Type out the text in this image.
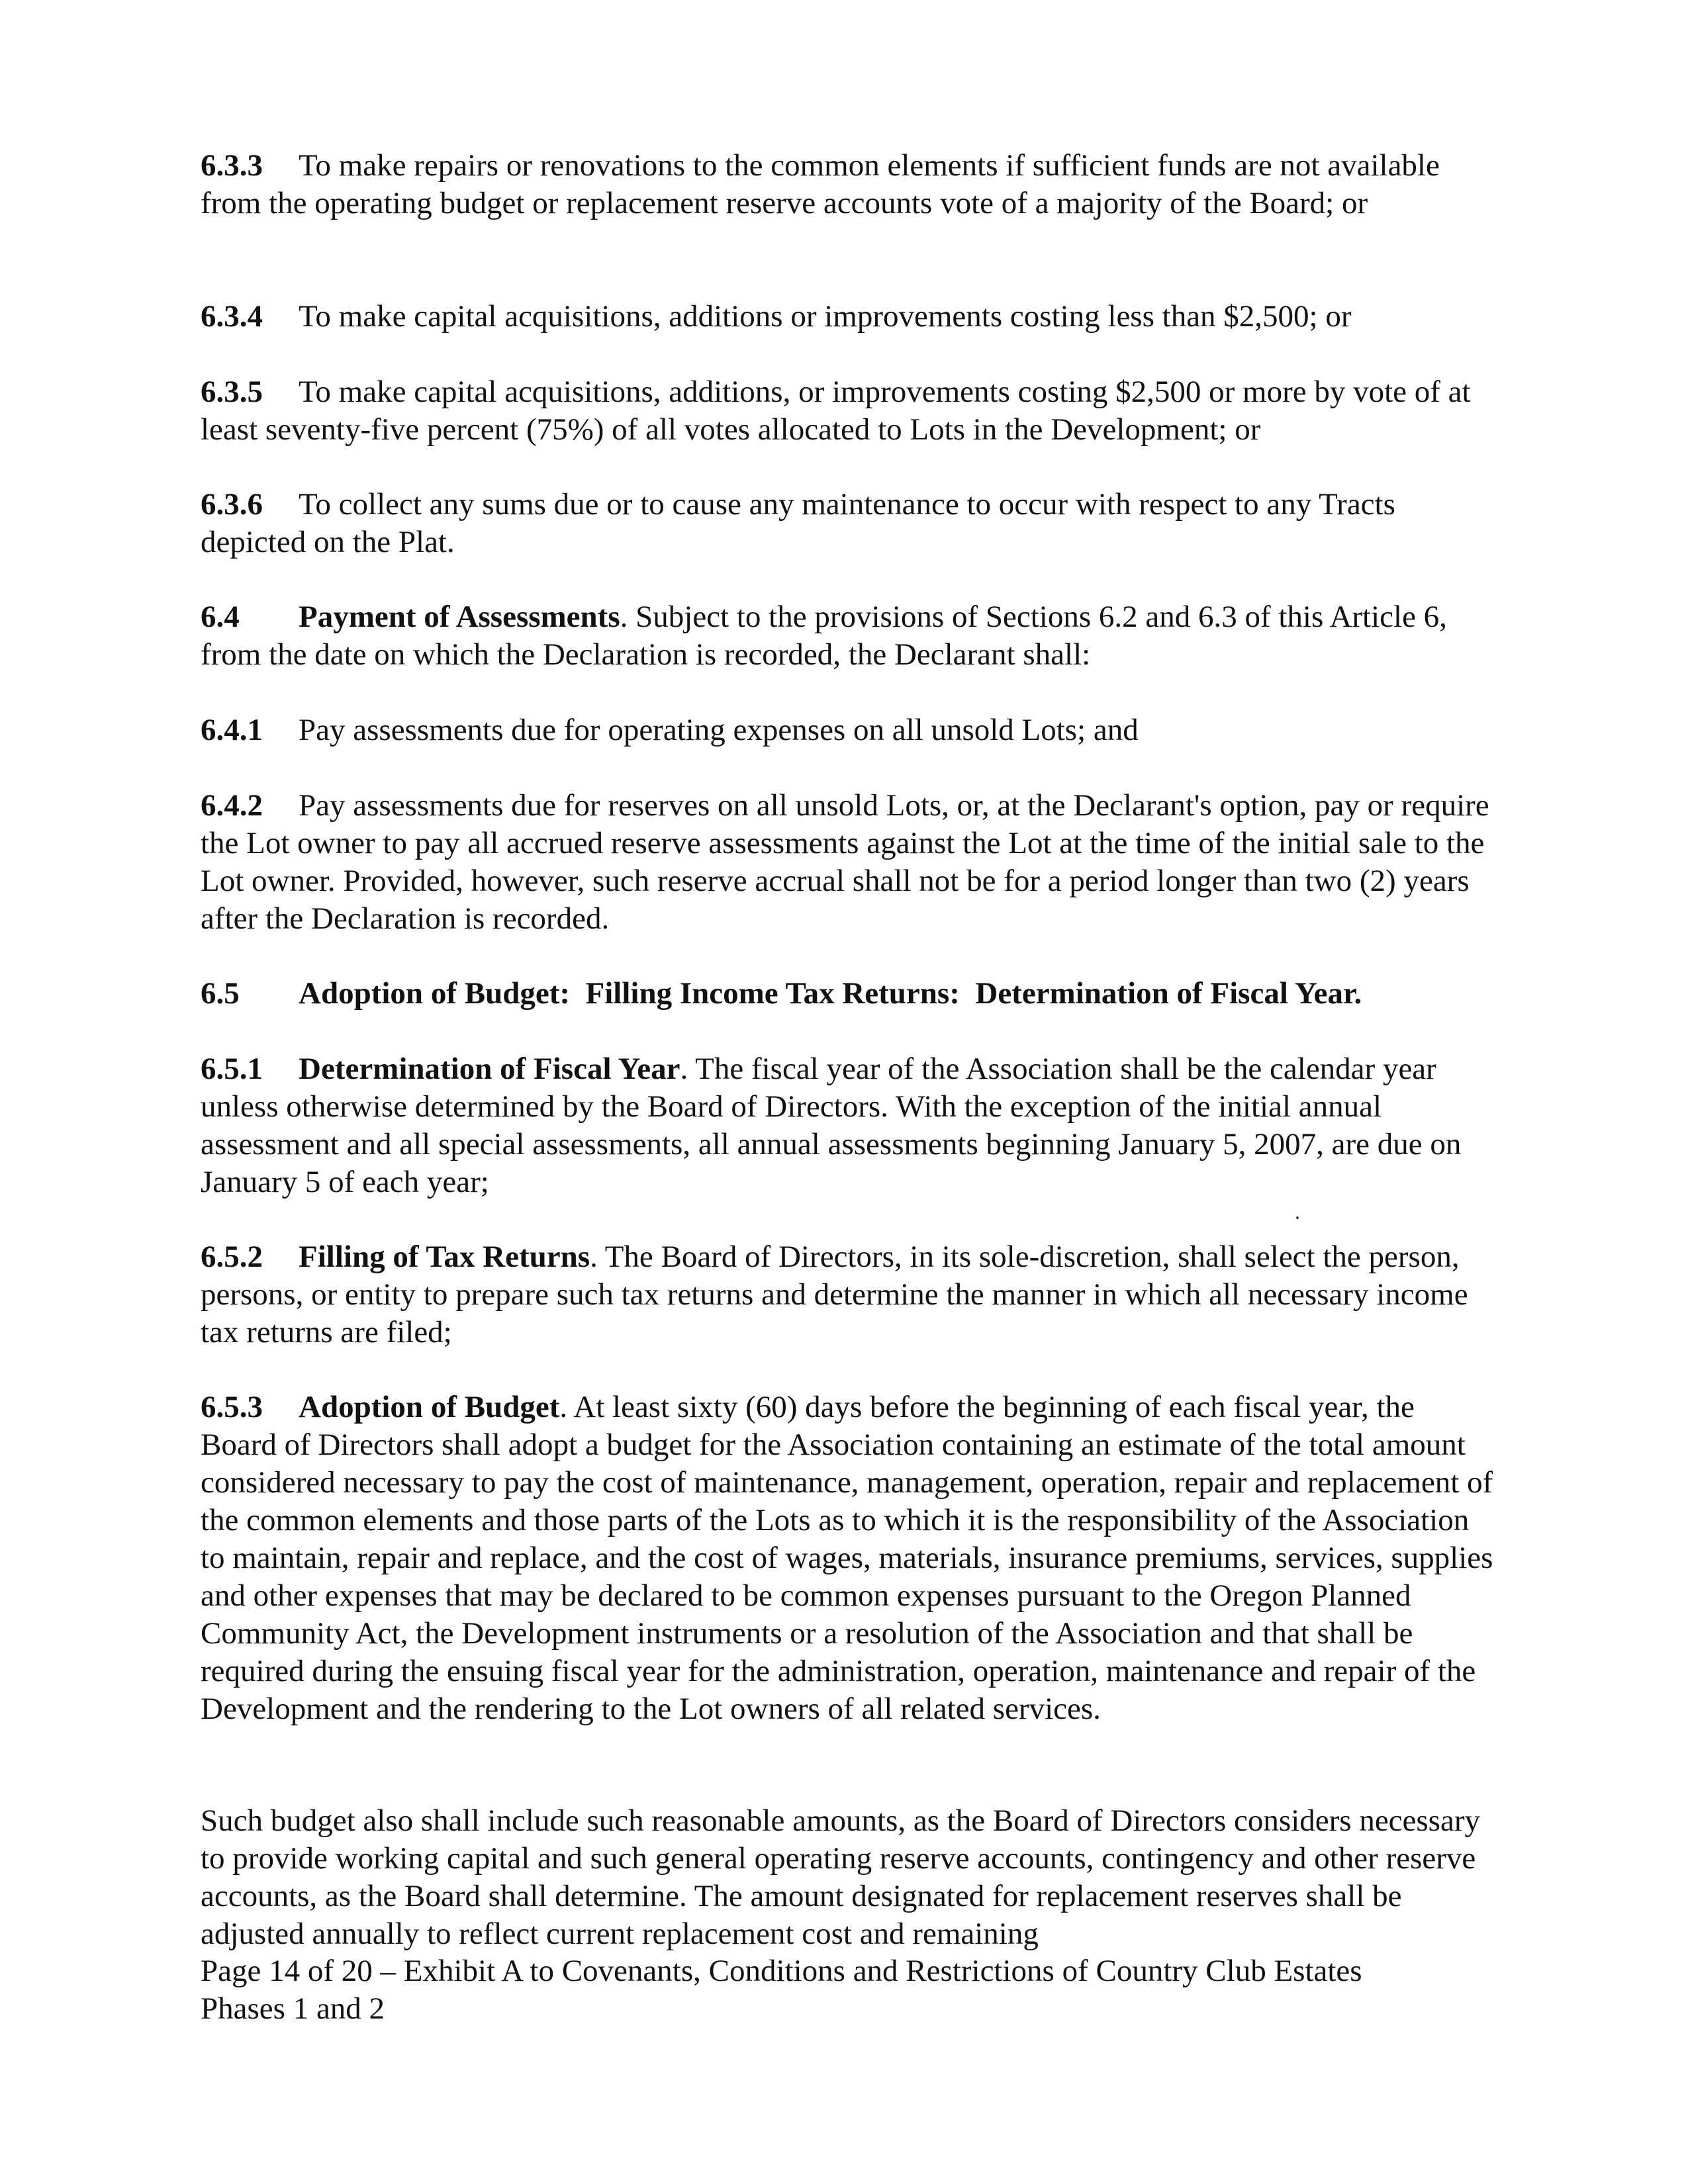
6.3.3 To make repairs or renovations to the common elements if sufficient funds are not available from the operating budget or replacement reserve accounts vote of a majority of the Board; or

6.3.4 To make capital acquisitions, additions or improvements costing less than $2,500; or

6.3.5 To make capital acquisitions, additions, or improvements costing $2,500 or more by vote of at least seventy-five percent (75%) of all votes allocated to Lots in the Development; or

6.3.6 To collect any sums due or to cause any maintenance to occur with respect to any Tracts depicted on the Plat.

6.4 Payment of Assessments. Subject to the provisions of Sections 6.2 and 6.3 of this Article 6, from the date on which the Declaration is recorded, the Declarant shall:

6.4.1 Pay assessments due for operating expenses on all unsold Lots; and

6.4.2 Pay assessments due for reserves on all unsold Lots, or, at the Declarant's option, pay or require the Lot owner to pay all accrued reserve assessments against the Lot at the time of the initial sale to the Lot owner. Provided, however, such reserve accrual shall not be for a period longer than two (2) years after the Declaration is recorded.

6.5 Adoption of Budget:  Filling Income Tax Returns: Determination of Fiscal Year.

6.5.1 Determination of Fiscal Year. The fiscal year of the Association shall be the calendar year unless otherwise determined by the Board of Directors. With the exception of the initial annual assessment and all special assessments, all annual assessments beginning January 5, 2007, are due on January 5 of each year;

6.5.2 Filling of Tax Returns. The Board of Directors, in its sole-discretion, shall select the person, persons, or entity to prepare such tax returns and determine the manner in which all necessary income tax returns are filed;

6.5.3 Adoption of Budget. At least sixty (60) days before the beginning of each fiscal year, the Board of Directors shall adopt a budget for the Association containing an estimate of the total amount considered necessary to pay the cost of maintenance, management, operation, repair and replacement of the common elements and those parts of the Lots as to which it is the responsibility of the Association to maintain, repair and replace, and the cost of wages, materials, insurance premiums, services, supplies and other expenses that may be declared to be common expenses pursuant to the Oregon Planned Community Act, the Development instruments or a resolution of the Association and that shall be required during the ensuing fiscal year for the administration, operation, maintenance and repair of the Development and the rendering to the Lot owners of all related services.

Such budget also shall include such reasonable amounts, as the Board of Directors considers necessary to provide working capital and such general operating reserve accounts, contingency and other reserve accounts, as the Board shall determine. The amount designated for replacement reserves shall be adjusted annually to reflect current replacement cost and remaining

Page 14 of 20 – Exhibit A to Covenants, Conditions and Restrictions of Country Club Estates
Phases 1 and 2
